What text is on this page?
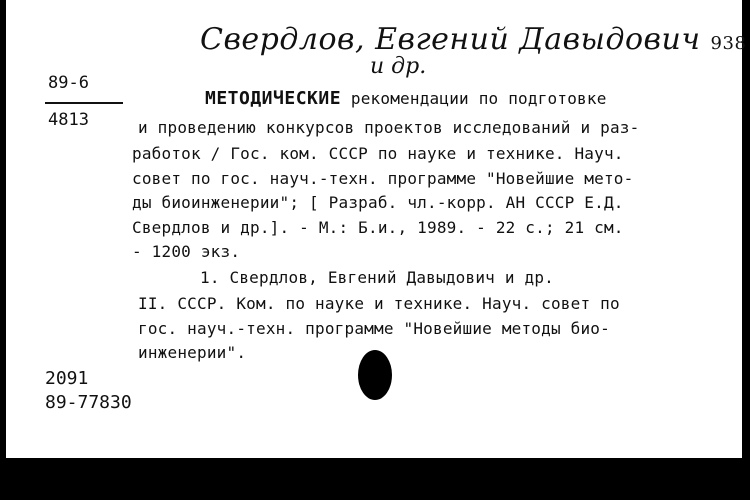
Свердлов, Евгений Давыдович 938
и др.
89-6
4813
МЕТОДИЧЕСКИЕ рекомендации по подготовке
и проведению конкурсов проектов исследований и раз-
работок / Гос. ком. СССР по науке и технике. Науч.
совет по гос. науч.-техн. программе "Новейшие мето-
ды биоинженерии"; [ Разраб. чл.-корр. АН СССР Е.Д.
Свердлов и др.]. - М.: Б.и., 1989. - 22 с.; 21 см.
- 1200 экз.
1. Свердлов, Евгений Давыдович и др.
II. СССР. Ком. по науке и технике. Науч. совет по
гос. науч.-техн. программе "Новейшие методы био-
инженерии".
2091
89-77830
